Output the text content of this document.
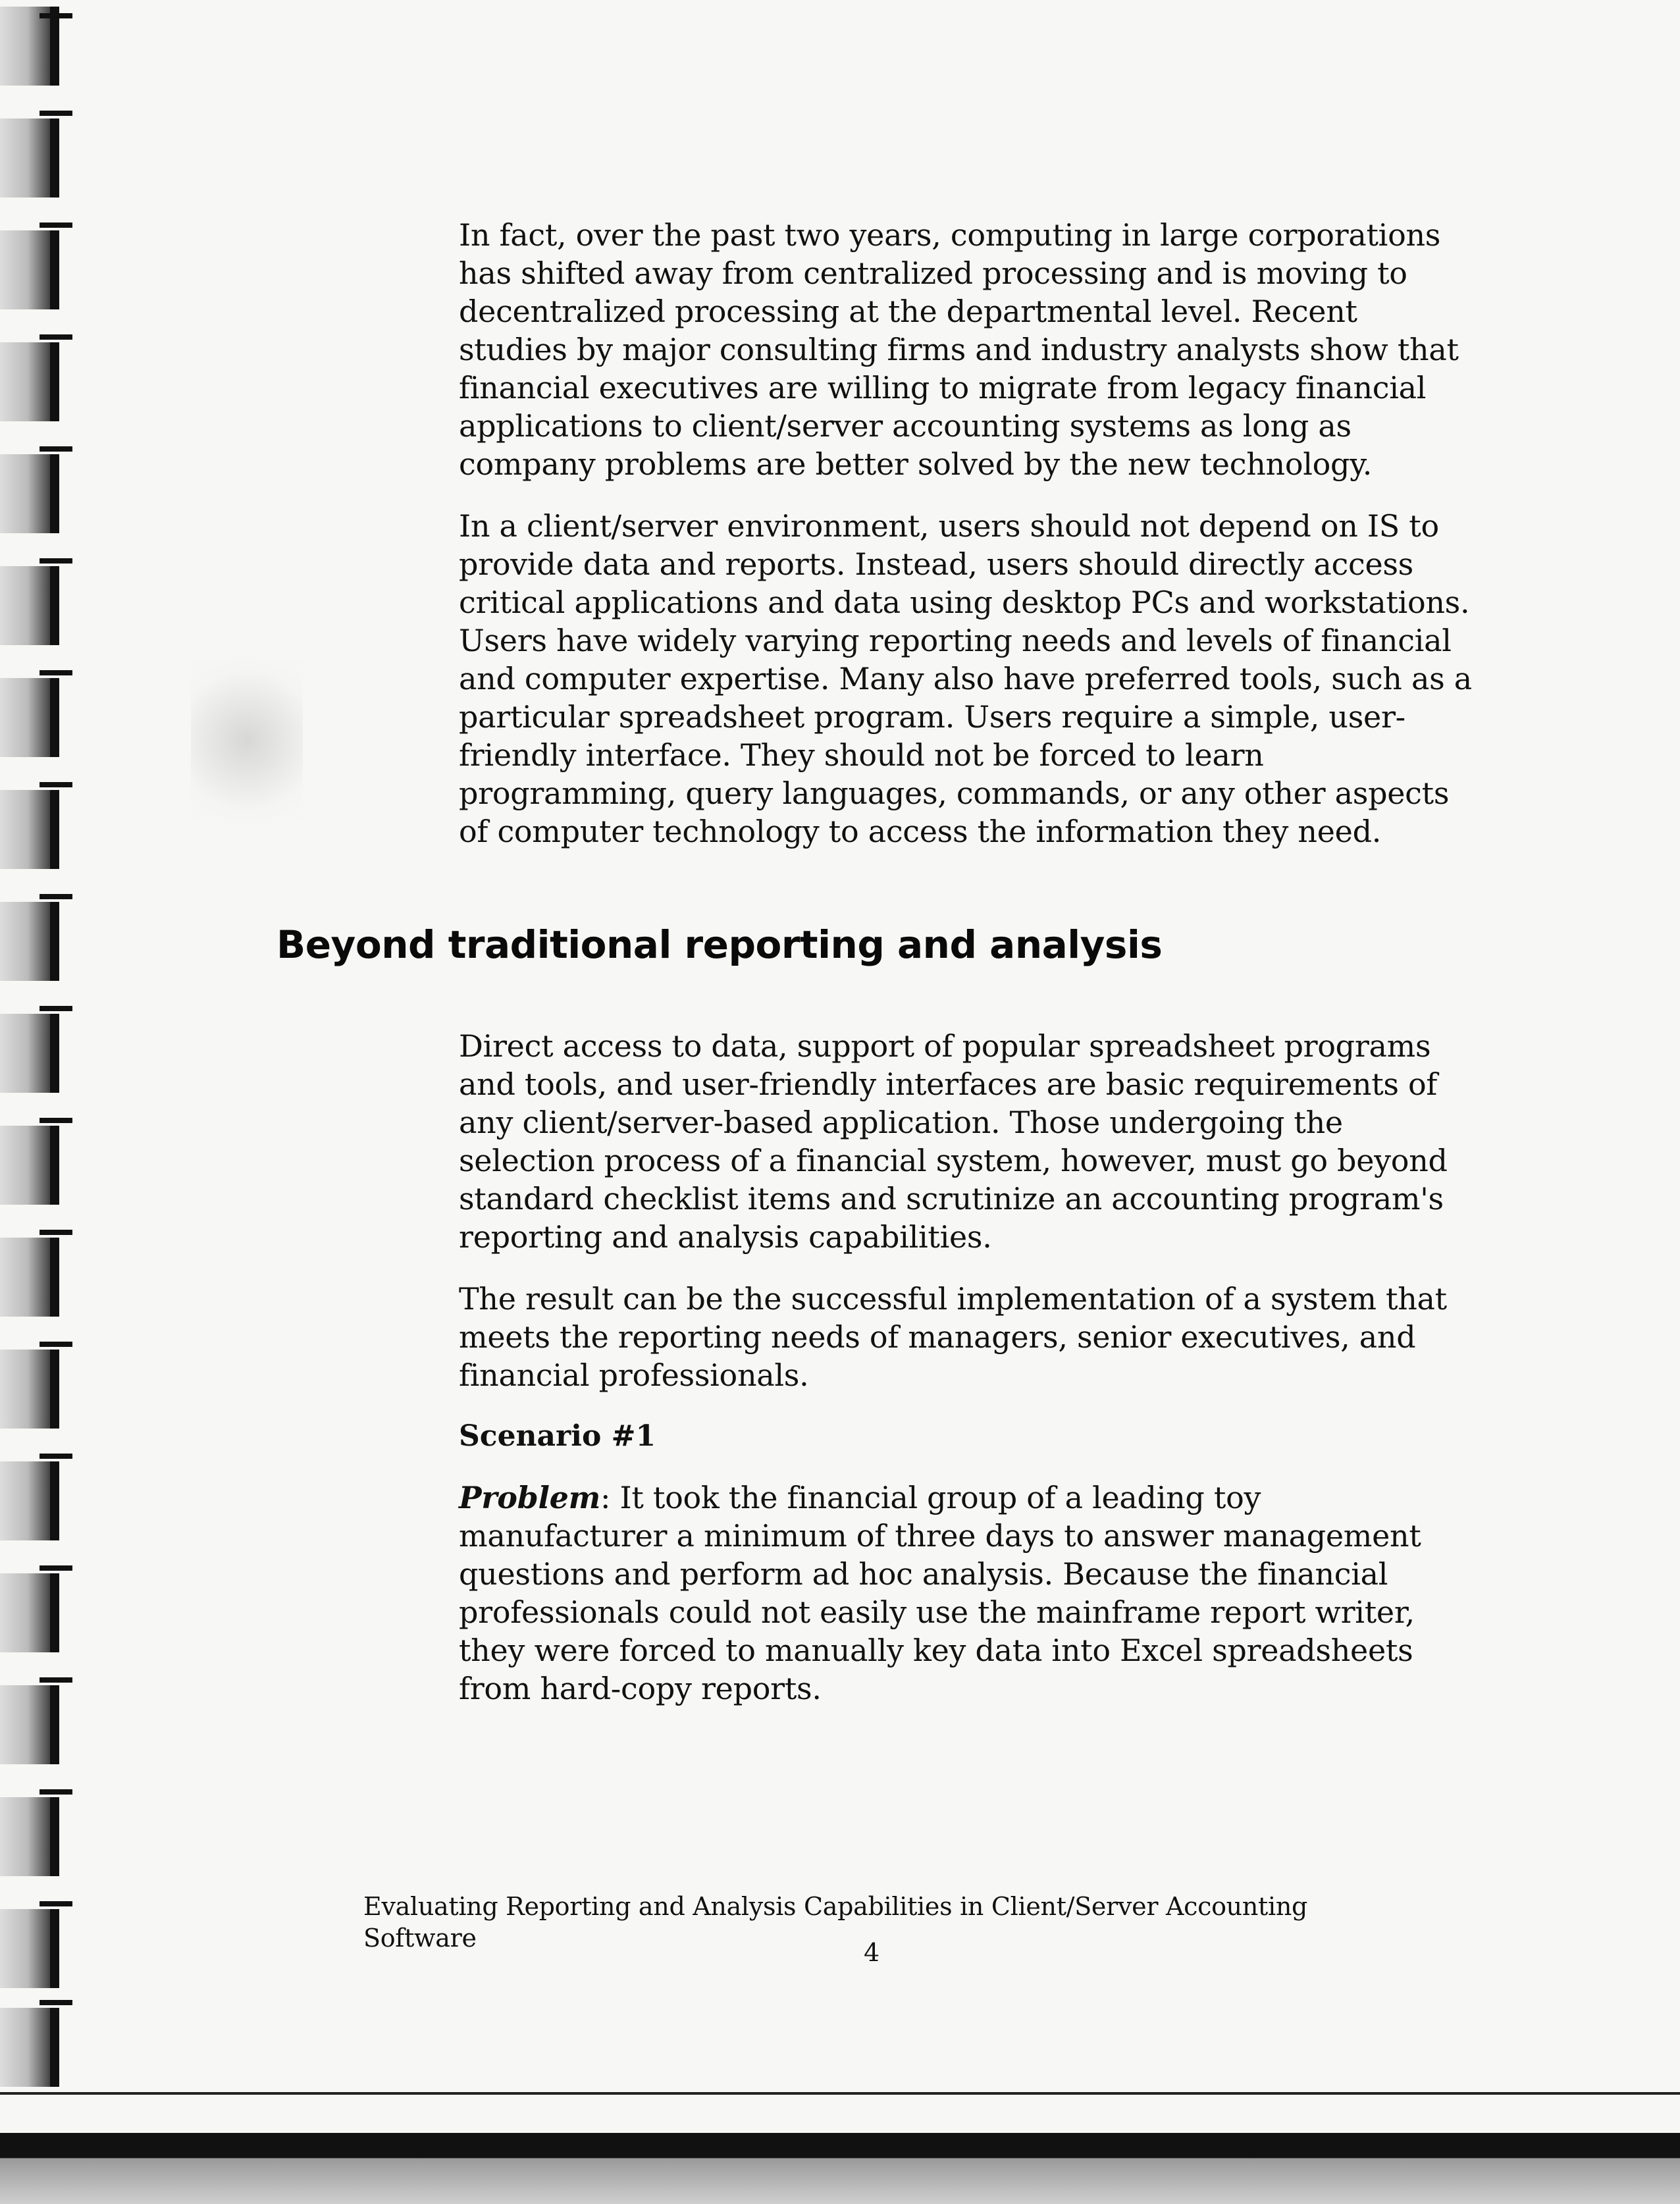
In fact, over the past two years, computing in large corporations has shifted away from centralized processing and is moving to decentralized processing at the departmental level. Recent studies by major consulting firms and industry analysts show that financial executives are willing to migrate from legacy financial applications to client/server accounting systems as long as company problems are better solved by the new technology.

In a client/server environment, users should not depend on IS to provide data and reports. Instead, users should directly access critical applications and data using desktop PCs and workstations. Users have widely varying reporting needs and levels of financial and computer expertise. Many also have preferred tools, such as a particular spreadsheet program. Users require a simple, user-friendly interface. They should not be forced to learn programming, query languages, commands, or any other aspects of computer technology to access the information they need.

Beyond traditional reporting and analysis

Direct access to data, support of popular spreadsheet programs and tools, and user-friendly interfaces are basic requirements of any client/server-based application. Those undergoing the selection process of a financial system, however, must go beyond standard checklist items and scrutinize an accounting program's reporting and analysis capabilities.

The result can be the successful implementation of a system that meets the reporting needs of managers, senior executives, and financial professionals.

Scenario #1

Problem: It took the financial group of a leading toy manufacturer a minimum of three days to answer management questions and perform ad hoc analysis. Because the financial professionals could not easily use the mainframe report writer, they were forced to manually key data into Excel spreadsheets from hard-copy reports.

Evaluating Reporting and Analysis Capabilities in Client/Server Accounting Software	4
